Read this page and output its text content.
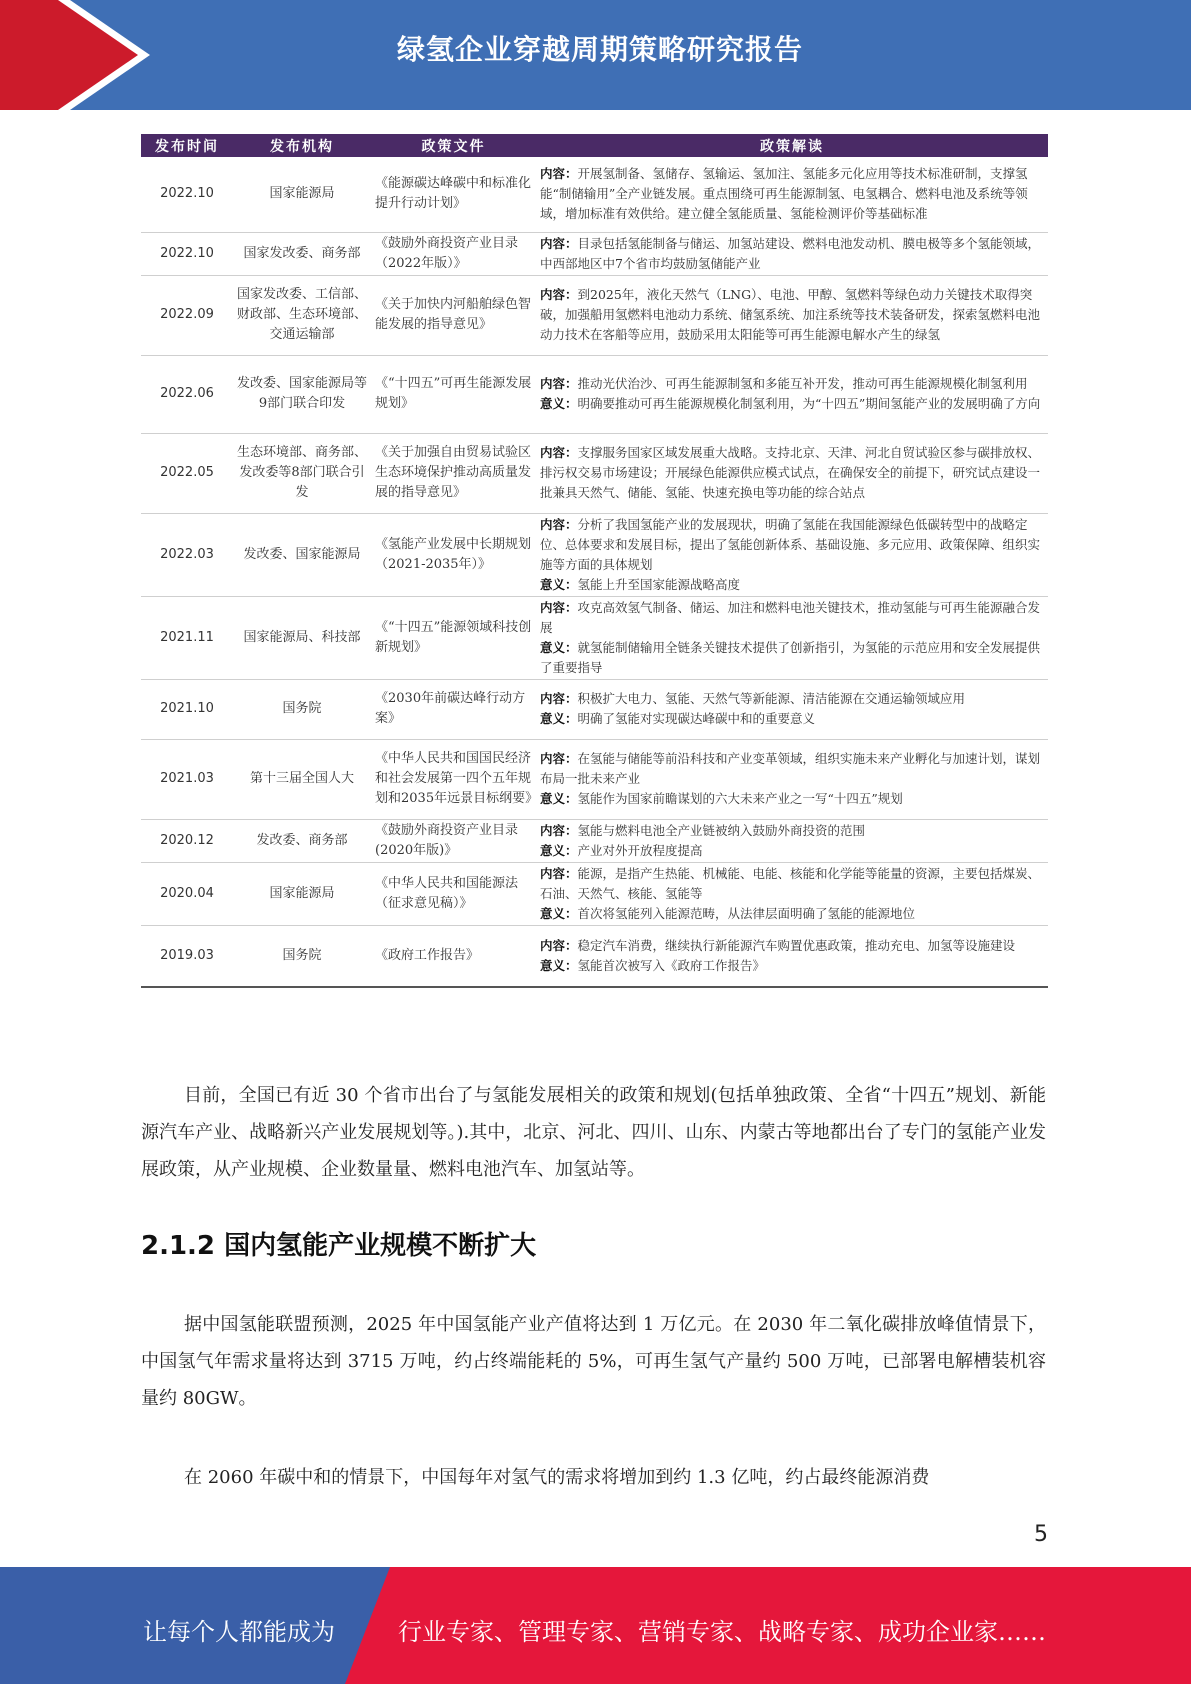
绿氢企业穿越周期策略研究报告
发布时间	发布机构	政策文件	政策解读
2022.10	国家能源局	《能源碳达峰碳中和标准化提升行动计划》	内容：开展氢制备、氢储存、氢输运、氢加注、氢能多元化应用等技术标准研制，支撑氢能“制储输用”全产业链发展。重点围绕可再生能源制氢、电氢耦合、燃料电池及系统等领域，增加标准有效供给。建立健全氢能质量、氢能检测评价等基础标准

2022.10	国家发改委、商务部	《鼓励外商投资产业目录（2022年版）》	内容：目录包括氢能制备与储运、加氢站建设、燃料电池发动机、膜电极等多个氢能领域，中西部地区中7个省市均鼓励氢储能产业

2022.09	国家发改委、工信部、财政部、生态环境部、交通运输部	《关于加快内河船舶绿色智能发展的指导意见》	内容：到2025年，液化天然气（LNG）、电池、甲醇、氢燃料等绿色动力关键技术取得突破，加强船用氢燃料电池动力系统、储氢系统、加注系统等技术装备研发，探索氢燃料电池动力技术在客船等应用，鼓励采用太阳能等可再生能源电解水产生的绿氢

2022.06	发改委、国家能源局等9部门联合印发	《“十四五”可再生能源发展规划》	内容：推动光伏治沙、可再生能源制氢和多能互补开发，推动可再生能源规模化制氢利用
意义：明确要推动可再生能源规模化制氢利用，为“十四五”期间氢能产业的发展明确了方向

2022.05	生态环境部、商务部、发改委等8部门联合引发	《关于加强自由贸易试验区生态环境保护推动高质量发展的指导意见》	内容：支撑服务国家区域发展重大战略。支持北京、天津、河北自贸试验区参与碳排放权、排污权交易市场建设；开展绿色能源供应模式试点，在确保安全的前提下，研究试点建设一批兼具天然气、储能、氢能、快速充换电等功能的综合站点

2022.03	发改委、国家能源局	《氢能产业发展中长期规划 （2021-2035年）》	内容：分析了我国氢能产业的发展现状，明确了氢能在我国能源绿色低碳转型中的战略定位、总体要求和发展目标，提出了氢能创新体系、基础设施、多元应用、政策保障、组织实施等方面的具体规划
意义：氢能上升至国家能源战略高度

2021.11	国家能源局、科技部	《“十四五”能源领域科技创新规划》	内容：攻克高效氢气制备、储运、加注和燃料电池关键技术，推动氢能与可再生能源融合发展
意义：就氢能制储输用全链条关键技术提供了创新指引，为氢能的示范应用和安全发展提供了重要指导

2021.10	国务院	《2030年前碳达峰行动方案》	内容：积极扩大电力、氢能、天然气等新能源、清洁能源在交通运输领域应用
意义：明确了氢能对实现碳达峰碳中和的重要意义

2021.03	第十三届全国人大	《中华人民共和国国民经济和社会发展第一四个五年规划和2035年远景目标纲要》	内容：在氢能与储能等前沿科技和产业变革领域，组织实施未来产业孵化与加速计划，谋划布局一批未来产业
意义：氢能作为国家前瞻谋划的六大未来产业之一写“十四五”规划

2020.12	发改委、商务部	《鼓励外商投资产业目录(2020年版)》	内容：氢能与燃料电池全产业链被纳入鼓励外商投资的范围
意义：产业对外开放程度提高

2020.04	国家能源局	《中华人民共和国能源法 （征求意见稿）》	内容：能源，是指产生热能、机械能、电能、核能和化学能等能量的资源，主要包括煤炭、石油、天然气、核能、氢能等
意义：首次将氢能列入能源范畴，从法律层面明确了氢能的能源地位

2019.03	国务院	《政府工作报告》	内容：稳定汽车消费，继续执行新能源汽车购置优惠政策，推动充电、加氢等设施建设
意义：氢能首次被写入《政府工作报告》

目前，全国已有近 30 个省市出台了与氢能发展相关的政策和规划(包括单独政策、全省“十四五”规划、新能源汽车产业、战略新兴产业发展规划等。).其中，北京、河北、四川、山东、内蒙古等地都出台了专门的氢能产业发展政策，从产业规模、企业数量量、燃料电池汽车、加氢站等。

2.1.2 国内氢能产业规模不断扩大

据中国氢能联盟预测，2025 年中国氢能产业产值将达到 1 万亿元。在 2030 年二氧化碳排放峰值情景下，中国氢气年需求量将达到 3715 万吨，约占终端能耗的 5%，可再生氢气产量约 500 万吨，已部署电解槽装机容量约 80GW。

在 2060 年碳中和的情景下，中国每年对氢气的需求将增加到约 1.3 亿吨，约占最终能源消费

5
让每个人都能成为	行业专家、管理专家、营销专家、战略专家、成功企业家……
